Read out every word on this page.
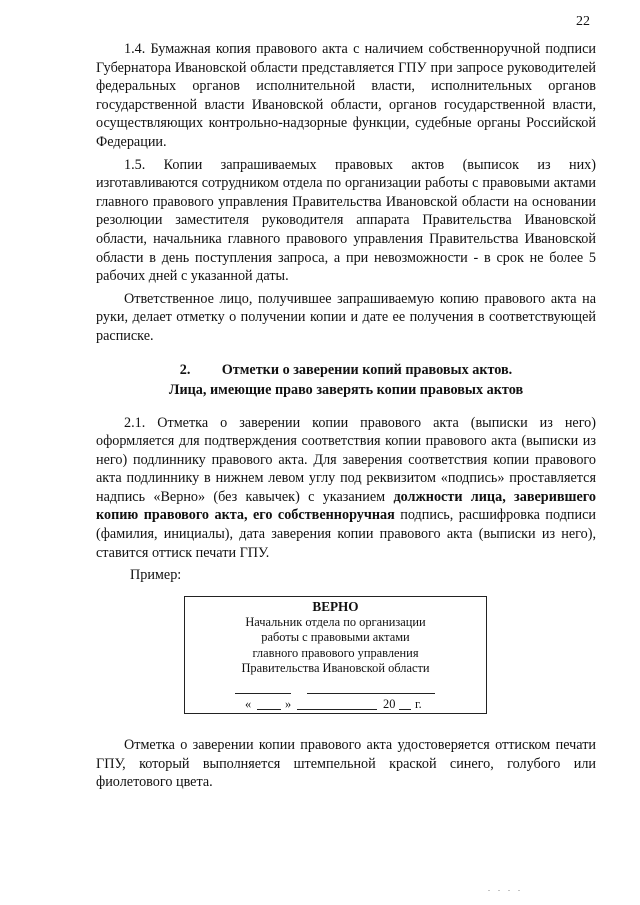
22

1.4. Бумажная копия правового акта с наличием собственноручной подписи Губернатора Ивановской области представляется ГПУ при запросе руководителей федеральных органов исполнительной власти, исполнительных органов государственной власти Ивановской области, органов государственной власти, осуществляющих контрольно-надзорные функции, судебные органы Российской Федерации.

1.5. Копии запрашиваемых правовых актов (выписок из них) изготавливаются сотрудником отдела по организации работы с правовыми актами главного правового управления Правительства Ивановской области на основании резолюции заместителя руководителя аппарата Правительства Ивановской области, начальника главного правового управления Правительства Ивановской области в день поступления запроса, а при невозможности - в срок не более 5 рабочих дней с указанной даты.

Ответственное лицо, получившее запрашиваемую копию правового акта на руки, делает отметку о получении копии и дате ее получения в соответствующей расписке.

2. Отметки о заверении копий правовых актов.
Лица, имеющие право заверять копии правовых актов

2.1. Отметка о заверении копии правового акта (выписки из него) оформляется для подтверждения соответствия копии правового акта (выписки из него) подлиннику правового акта. Для заверения соответствия копии правового акта подлиннику в нижнем левом углу под реквизитом «подпись» проставляется надпись «Верно» (без кавычек) с указанием должности лица, заверившего копию правового акта, его собственноручная подпись, расшифровка подписи (фамилия, инициалы), дата заверения копии правового акта (выписки из него), ставится оттиск печати ГПУ.

Пример:

ВЕРНО
Начальник отдела по организации
работы с правовыми актами
главного правового управления
Правительства Ивановской области
«	»	20 г.

Отметка о заверении копии правового акта удостоверяется оттиском печати ГПУ, который выполняется штемпельной краской синего, голубого или фиолетового цвета.

. . . .
